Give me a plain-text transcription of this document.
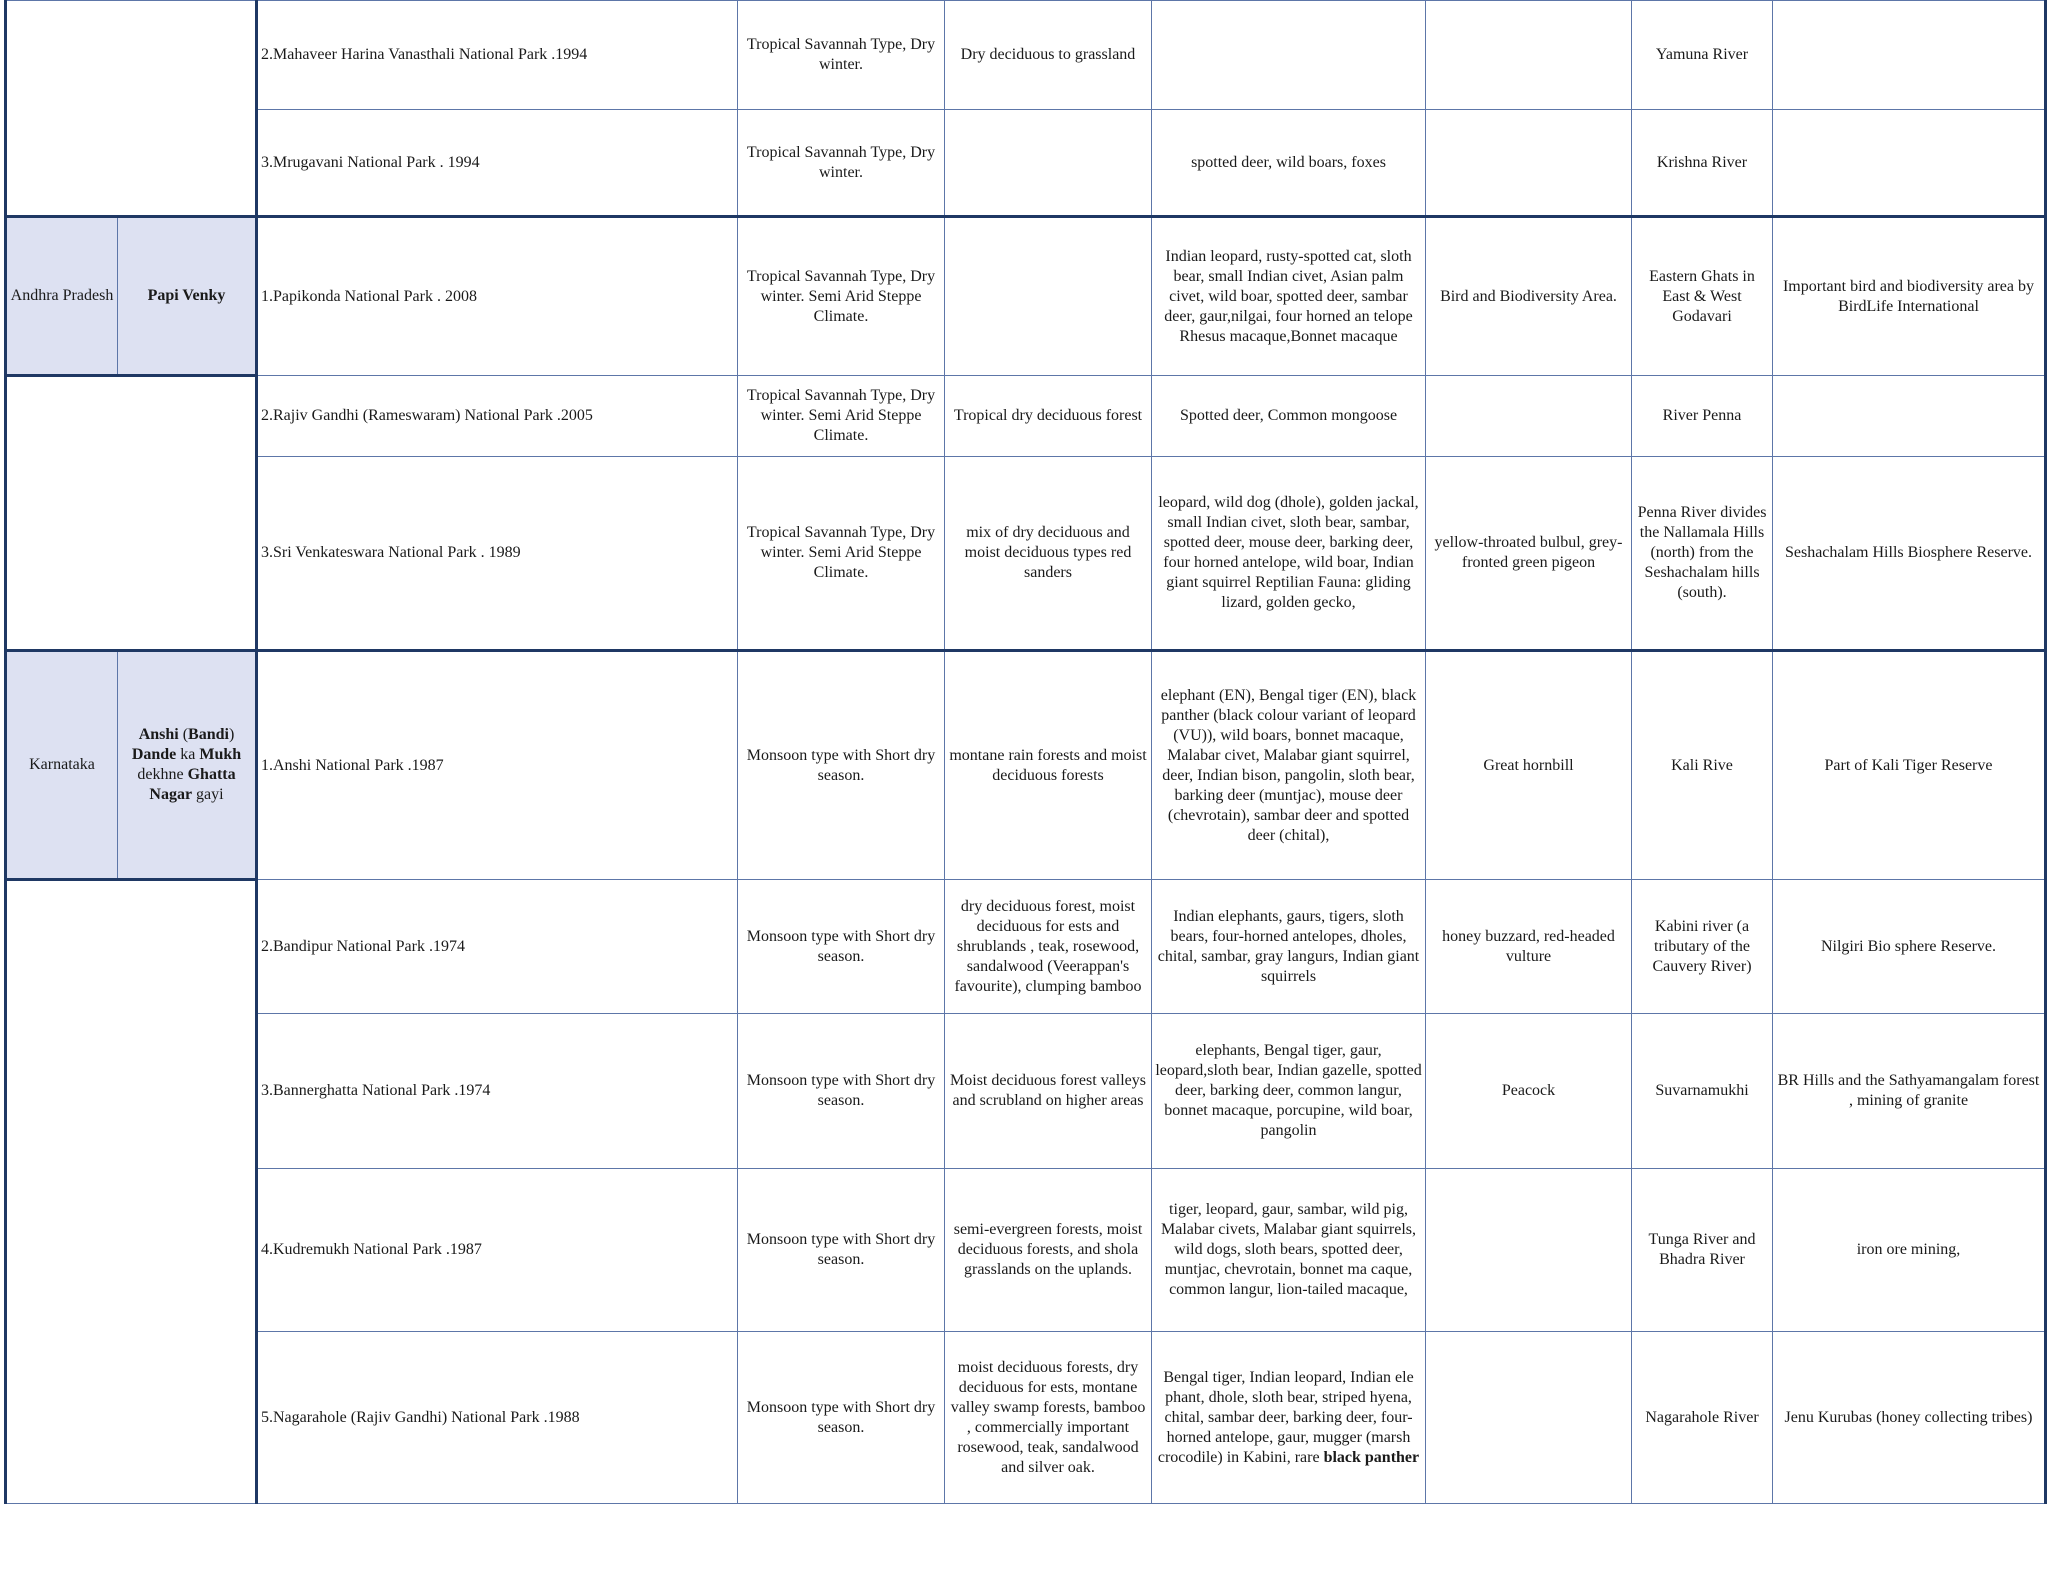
		2.Mahaveer Harina Vanasthali National Park .1994	Tropical Savannah Type, Dry winter.	Dry deciduous to grassland			Yamuna River	
		3.Mrugavani National Park . 1994	Tropical Savannah Type, Dry winter.		spotted deer, wild boars, foxes		Krishna River	
Andhra Pradesh	Papi Venky	1.Papikonda National Park . 2008	Tropical Savannah Type, Dry winter. Semi Arid Steppe Climate.		Indian leopard, rusty-spotted cat, sloth bear, small Indian civet, Asian palm civet, wild boar, spotted deer, sambar deer, gaur,nilgai, four horned an telope Rhesus macaque,Bonnet macaque	Bird and Biodiversity Area.	Eastern Ghats in East & West Godavari	Important bird and biodiversity area by BirdLife International
		2.Rajiv Gandhi (Rameswaram) National Park .2005	Tropical Savannah Type, Dry winter. Semi Arid Steppe Climate.	Tropical dry deciduous forest	Spotted deer, Common mongoose		River Penna	
		3.Sri Venkateswara National Park . 1989	Tropical Savannah Type, Dry winter. Semi Arid Steppe Climate.	mix of dry deciduous and moist deciduous types red sanders	leopard, wild dog (dhole), golden jackal, small Indian civet, sloth bear, sambar, spotted deer, mouse deer, barking deer, four horned antelope, wild boar, Indian giant squirrel Reptilian Fauna: gliding lizard, golden gecko,	yellow-throated bulbul, grey-fronted green pigeon	Penna River divides the Nallamala Hills (north) from the Seshachalam hills (south).	Seshachalam Hills Biosphere Reserve.
Karnataka	Anshi (Bandi) Dande ka Mukh dekhne Ghatta Nagar gayi	1.Anshi National Park .1987	Monsoon type with Short dry season.	montane rain forests and moist deciduous forests	elephant (EN), Bengal tiger (EN), black panther (black colour variant of leopard (VU)), wild boars, bonnet macaque, Malabar civet, Malabar giant squirrel, deer, Indian bison, pangolin, sloth bear, barking deer (muntjac), mouse deer (chevrotain), sambar deer and spotted deer (chital),	Great hornbill	Kali Rive	Part of Kali Tiger Reserve
		2.Bandipur National Park .1974	Monsoon type with Short dry season.	dry deciduous forest, moist deciduous for ests and shrublands , teak, rosewood, sandalwood (Veerappan's favourite), clumping bamboo	Indian elephants, gaurs, tigers, sloth bears, four-horned antelopes, dholes, chital, sambar, gray langurs, Indian giant squirrels	honey buzzard, red-headed vulture	Kabini river (a tributary of the Cauvery River)	Nilgiri Bio sphere Reserve.
		3.Bannerghatta National Park .1974	Monsoon type with Short dry season.	Moist deciduous forest valleys and scrubland on higher areas	elephants, Bengal tiger, gaur, leopard,sloth bear, Indian gazelle, spotted deer, barking deer, common langur, bonnet macaque, porcupine, wild boar, pangolin	Peacock	Suvarnamukhi	BR Hills and the Sathyamangalam forest , mining of granite
		4.Kudremukh National Park .1987	Monsoon type with Short dry season.	semi-evergreen forests, moist deciduous forests, and shola grasslands on the uplands.	tiger, leopard, gaur, sambar, wild pig, Malabar civets, Malabar giant squirrels, wild dogs, sloth bears, spotted deer, muntjac, chevrotain, bonnet ma caque, common langur, lion-tailed macaque,		Tunga River and Bhadra River	iron ore mining,
		5.Nagarahole (Rajiv Gandhi) National Park .1988	Monsoon type with Short dry season.	moist deciduous forests, dry deciduous for ests, montane valley swamp forests, bamboo , commercially important rosewood, teak, sandalwood and silver oak.	Bengal tiger, Indian leopard, Indian ele phant, dhole, sloth bear, striped hyena, chital, sambar deer, barking deer, four-horned antelope, gaur, mugger (marsh crocodile) in Kabini, rare black panther		Nagarahole River	Jenu Kurubas (honey collecting tribes)
